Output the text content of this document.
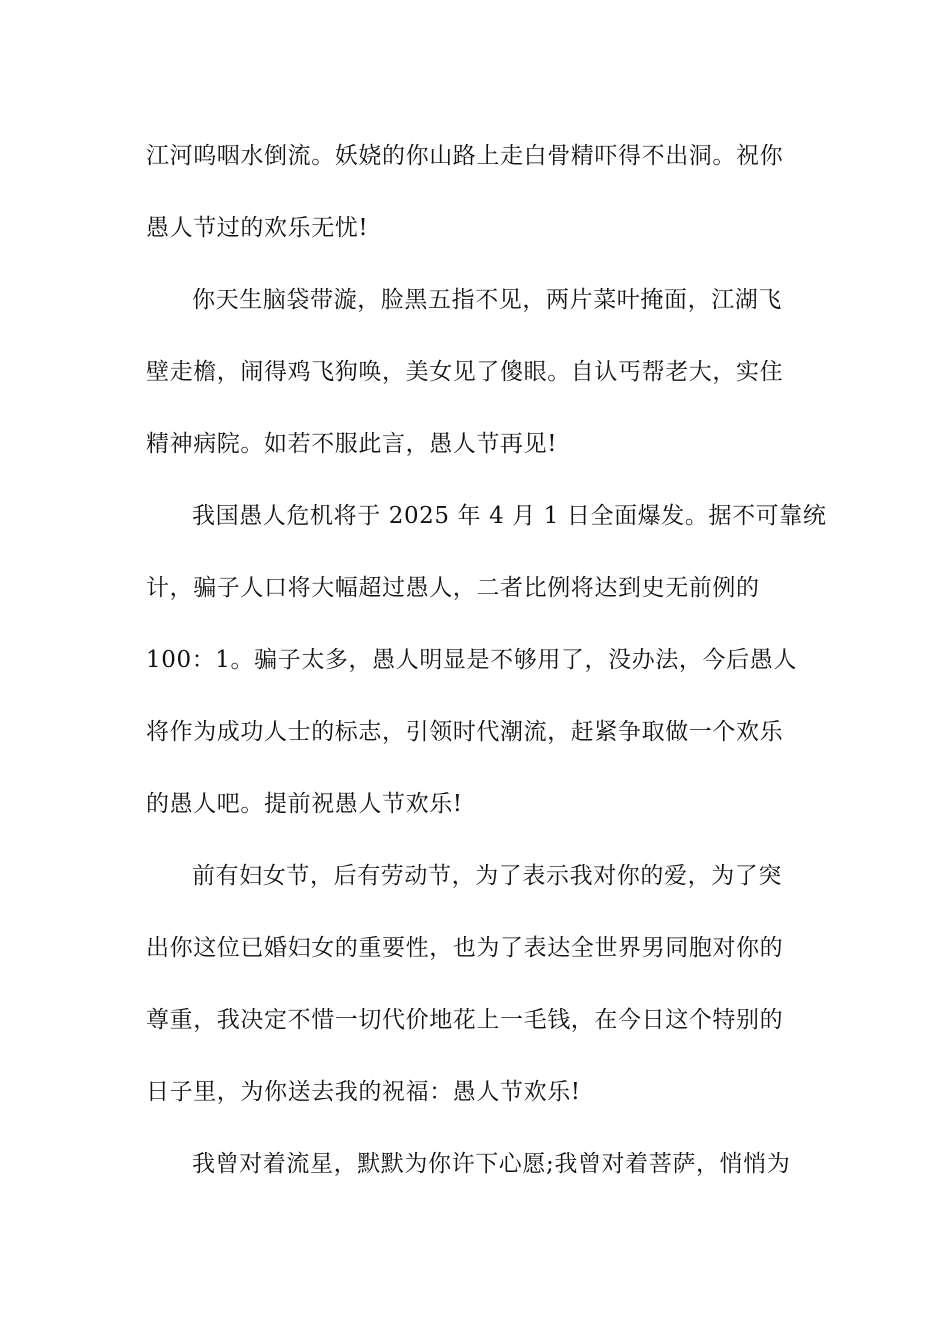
江河呜咽水倒流。妖娆的你山路上走白骨精吓得不出洞。祝你
愚人节过的欢乐无忧!
你天生脑袋带漩，脸黑五指不见，两片菜叶掩面，江湖飞
壁走檐，闹得鸡飞狗唤，美女见了傻眼。自认丐帮老大，实住
精神病院。如若不服此言，愚人节再见!
我国愚人危机将于 2025 年 4 月 1 日全面爆发。据不可靠统
计，骗子人口将大幅超过愚人，二者比例将达到史无前例的
100：1。骗子太多，愚人明显是不够用了，没办法，今后愚人
将作为成功人士的标志，引领时代潮流，赶紧争取做一个欢乐
的愚人吧。提前祝愚人节欢乐!
前有妇女节，后有劳动节，为了表示我对你的爱，为了突
出你这位已婚妇女的重要性，也为了表达全世界男同胞对你的
尊重，我决定不惜一切代价地花上一毛钱，在今日这个特别的
日子里，为你送去我的祝福：愚人节欢乐!
我曾对着流星，默默为你许下心愿;我曾对着菩萨，悄悄为
